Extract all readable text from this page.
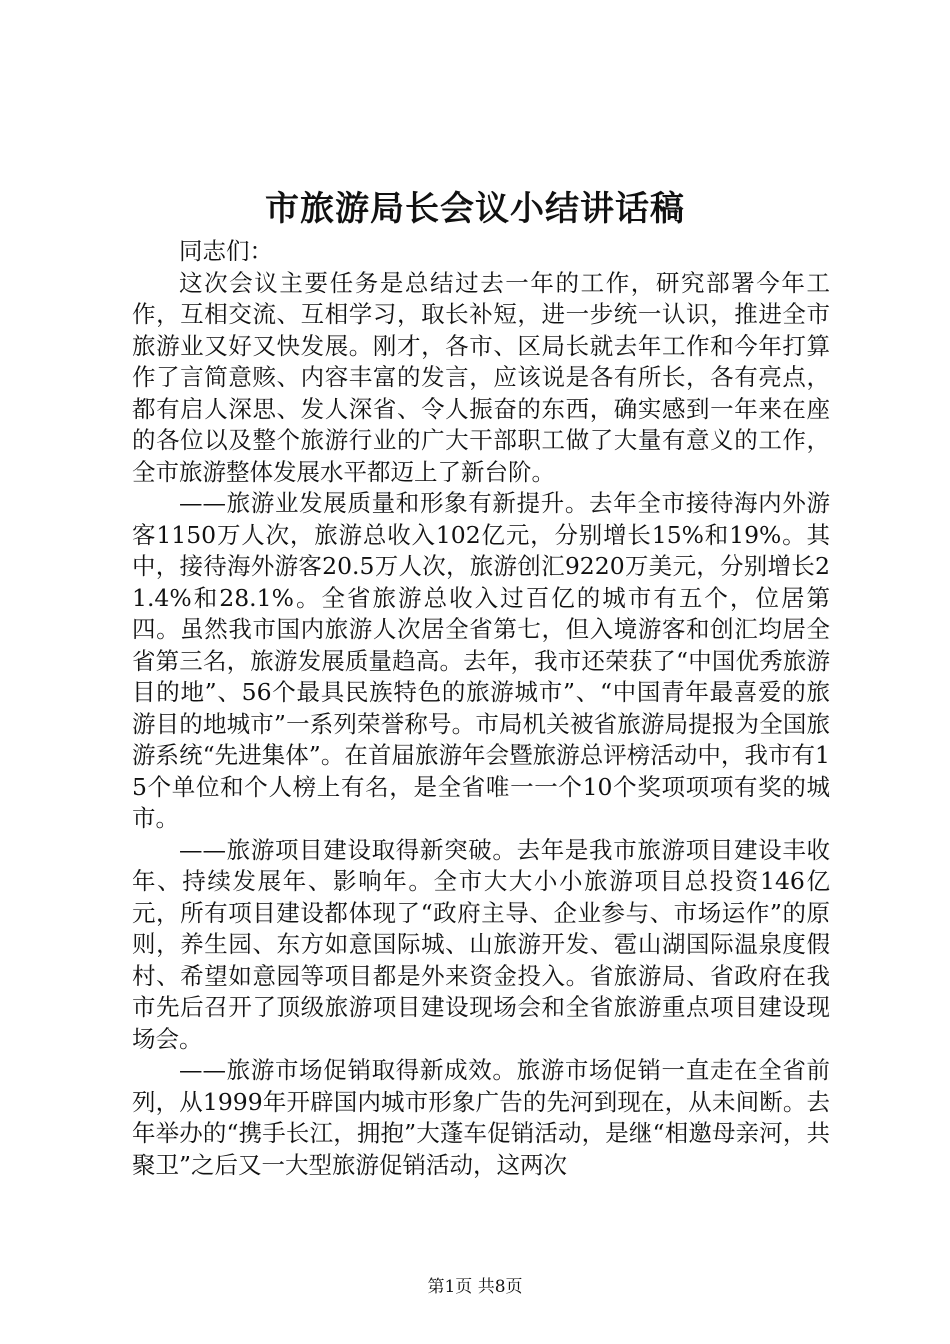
市旅游局长会议小结讲话稿

同志们：

这次会议主要任务是总结过去一年的工作，研究部署今年工作，互相交流、互相学习，取长补短，进一步统一认识，推进全市旅游业又好又快发展。刚才，各市、区局长就去年工作和今年打算作了言简意赅、内容丰富的发言，应该说是各有所长，各有亮点，都有启人深思、发人深省、令人振奋的东西，确实感到一年来在座的各位以及整个旅游行业的广大干部职工做了大量有意义的工作，全市旅游整体发展水平都迈上了新台阶。

——旅游业发展质量和形象有新提升。去年全市接待海内外游客1150万人次，旅游总收入102亿元，分别增长15%和19%。其中，接待海外游客20.5万人次，旅游创汇9220万美元，分别增长21.4%和28.1%。全省旅游总收入过百亿的城市有五个，位居第四。虽然我市国内旅游人次居全省第七，但入境游客和创汇均居全省第三名，旅游发展质量趋高。去年，我市还荣获了“中国优秀旅游目的地”、56个最具民族特色的旅游城市”、“中国青年最喜爱的旅游目的地城市”一系列荣誉称号。市局机关被省旅游局提报为全国旅游系统“先进集体”。在首届旅游年会暨旅游总评榜活动中，我市有15个单位和个人榜上有名，是全省唯一一个10个奖项项项有奖的城市。

——旅游项目建设取得新突破。去年是我市旅游项目建设丰收年、持续发展年、影响年。全市大大小小旅游项目总投资146亿元，所有项目建设都体现了“政府主导、企业参与、市场运作”的原则，养生园、东方如意国际城、山旅游开发、雹山湖国际温泉度假村、希望如意园等项目都是外来资金投入。省旅游局、省政府在我市先后召开了顶级旅游项目建设现场会和全省旅游重点项目建设现场会。

——旅游市场促销取得新成效。旅游市场促销一直走在全省前列，从1999年开辟国内城市形象广告的先河到现在，从未间断。去年举办的“携手长江，拥抱”大蓬车促销活动，是继“相邀母亲河，共聚卫”之后又一大型旅游促销活动，这两次

第1页 共8页
